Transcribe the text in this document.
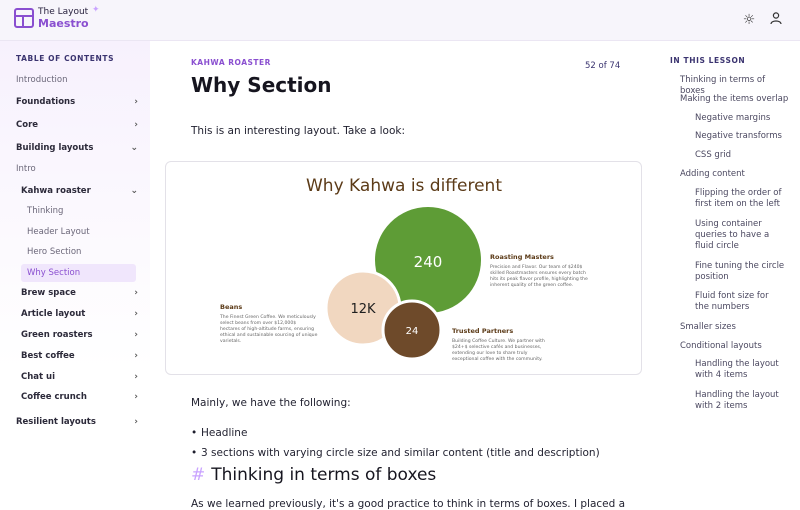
The Layout
Maestro
✦
☼
TABLE OF CONTENTS
Introduction
Foundations	›
Core	›
Building layouts	⌄
Intro
Kahwa roaster	⌄
Thinking
Header Layout
Hero Section
Why Section
Brew space	›
Article layout	›
Green roasters	›
Best coffee	›
Chat ui	›
Coffee crunch	›
Resilient layouts	›
KAHWA ROASTER	52 of 74
Why Section
This is an interesting layout. Take a look:
Why Kahwa is different
240
12K
24
Roasting Masters
Precision and Flavor. Our team of $240$
skilled Roastmasters ensures every batch
hits its peak flavor profile, highlighting the
inherent quality of the green coffee.
Beans
The Finest Green Coffee. We meticulously
select beans from over $12,000$
hectares of high-altitude farms, ensuring
ethical and sustainable sourcing of unique
varietals.
Trusted Partners
Building Coffee Culture. We partner with
$24+$ selective cafés and businesses,
extending our love to share truly
exceptional coffee with the community.
Mainly, we have the following:
• Headline
• 3 sections with varying circle size and similar content (title and description)
# Thinking in terms of boxes
As we learned previously, it's a good practice to think in terms of boxes. I placed a
IN THIS LESSON
Thinking in terms of boxes
Making the items overlap
Negative margins
Negative transforms
CSS grid
Adding content
Flipping the order of first item on the left
Using container queries to have a fluid circle
Fine tuning the circle position
Fluid font size for the numbers
Smaller sizes
Conditional layouts
Handling the layout with 4 items
Handling the layout with 2 items
